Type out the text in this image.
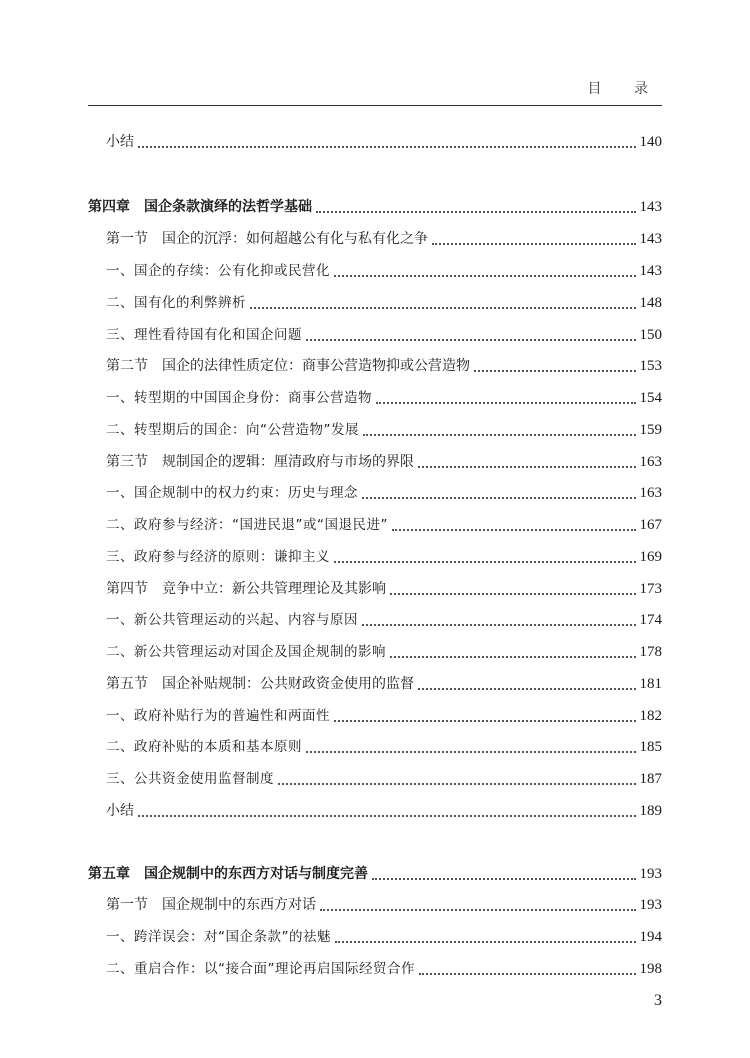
目 录
小结	140
第四章　国企条款演绎的法哲学基础	143
第一节　国企的沉浮：如何超越公有化与私有化之争	143
一、国企的存续：公有化抑或民营化	143
二、国有化的利弊辨析	148
三、理性看待国有化和国企问题	150
第二节　国企的法律性质定位：商事公营造物抑或公营造物	153
一、转型期的中国国企身份：商事公营造物	154
二、转型期后的国企：向“公营造物”发展	159
第三节　规制国企的逻辑：厘清政府与市场的界限	163
一、国企规制中的权力约束：历史与理念	163
二、政府参与经济：“国进民退”或“国退民进”	167
三、政府参与经济的原则：谦抑主义	169
第四节　竞争中立：新公共管理理论及其影响	173
一、新公共管理运动的兴起、内容与原因	174
二、新公共管理运动对国企及国企规制的影响	178
第五节　国企补贴规制：公共财政资金使用的监督	181
一、政府补贴行为的普遍性和两面性	182
二、政府补贴的本质和基本原则	185
三、公共资金使用监督制度	187
小结	189
第五章　国企规制中的东西方对话与制度完善	193
第一节　国企规制中的东西方对话	193
一、跨洋误会：对“国企条款”的祛魅	194
二、重启合作：以“接合面”理论再启国际经贸合作	198
3
